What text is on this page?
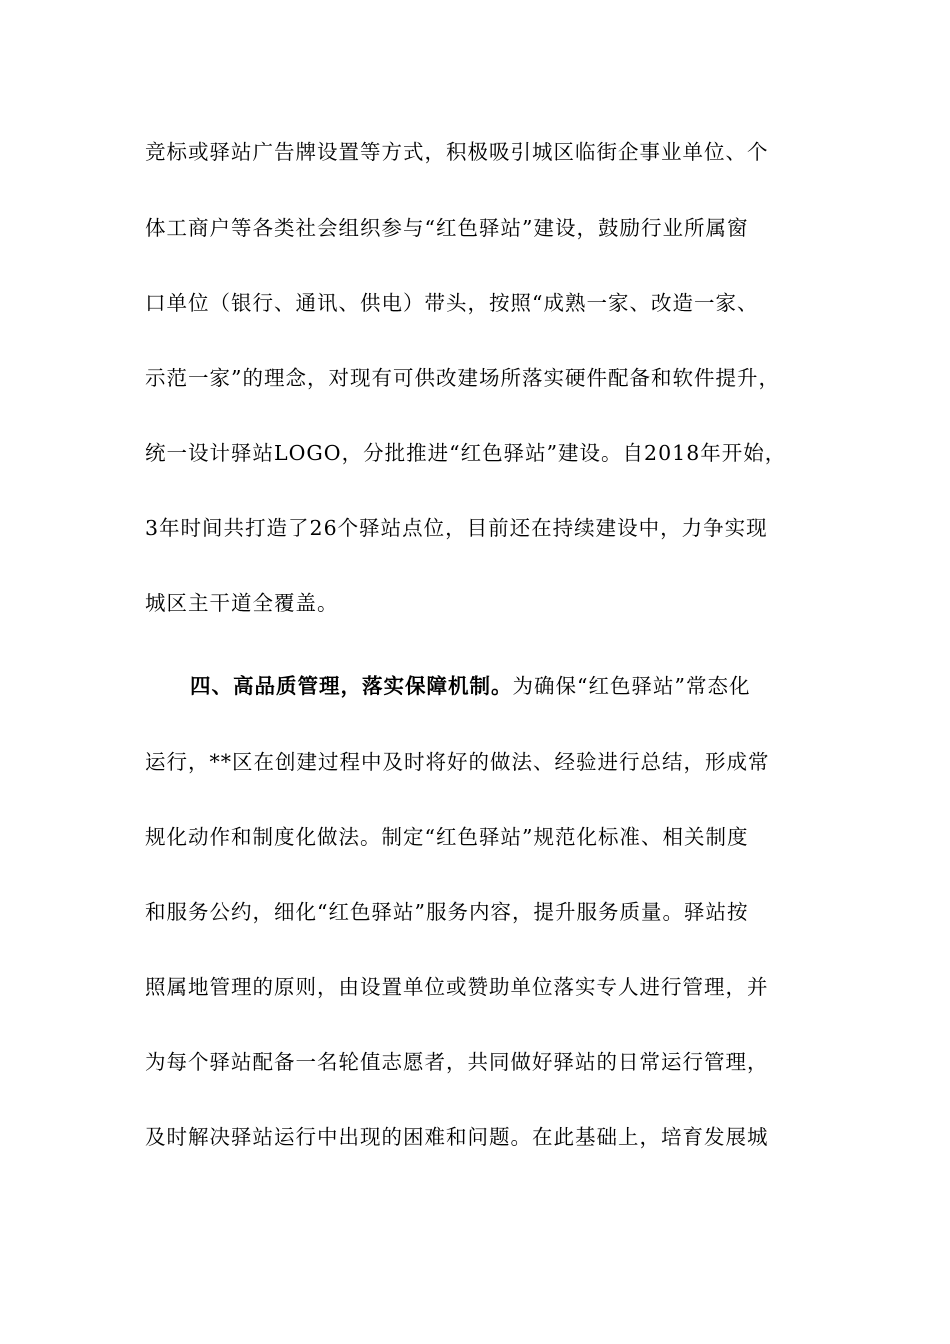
竞标或驿站广告牌设置等方式，积极吸引城区临街企事业单位、个
体工商户等各类社会组织参与“红色驿站”建设，鼓励行业所属窗
口单位（银行、通讯、供电）带头，按照“成熟一家、改造一家、
示范一家”的理念，对现有可供改建场所落实硬件配备和软件提升，
统一设计驿站LOGO，分批推进“红色驿站”建设。自2018年开始，
3年时间共打造了26个驿站点位，目前还在持续建设中，力争实现
城区主干道全覆盖。
四、高品质管理，落实保障机制。为确保“红色驿站”常态化
运行，**区在创建过程中及时将好的做法、经验进行总结，形成常
规化动作和制度化做法。制定“红色驿站”规范化标准、相关制度
和服务公约，细化“红色驿站”服务内容，提升服务质量。驿站按
照属地管理的原则，由设置单位或赞助单位落实专人进行管理，并
为每个驿站配备一名轮值志愿者，共同做好驿站的日常运行管理，
及时解决驿站运行中出现的困难和问题。在此基础上，培育发展城
